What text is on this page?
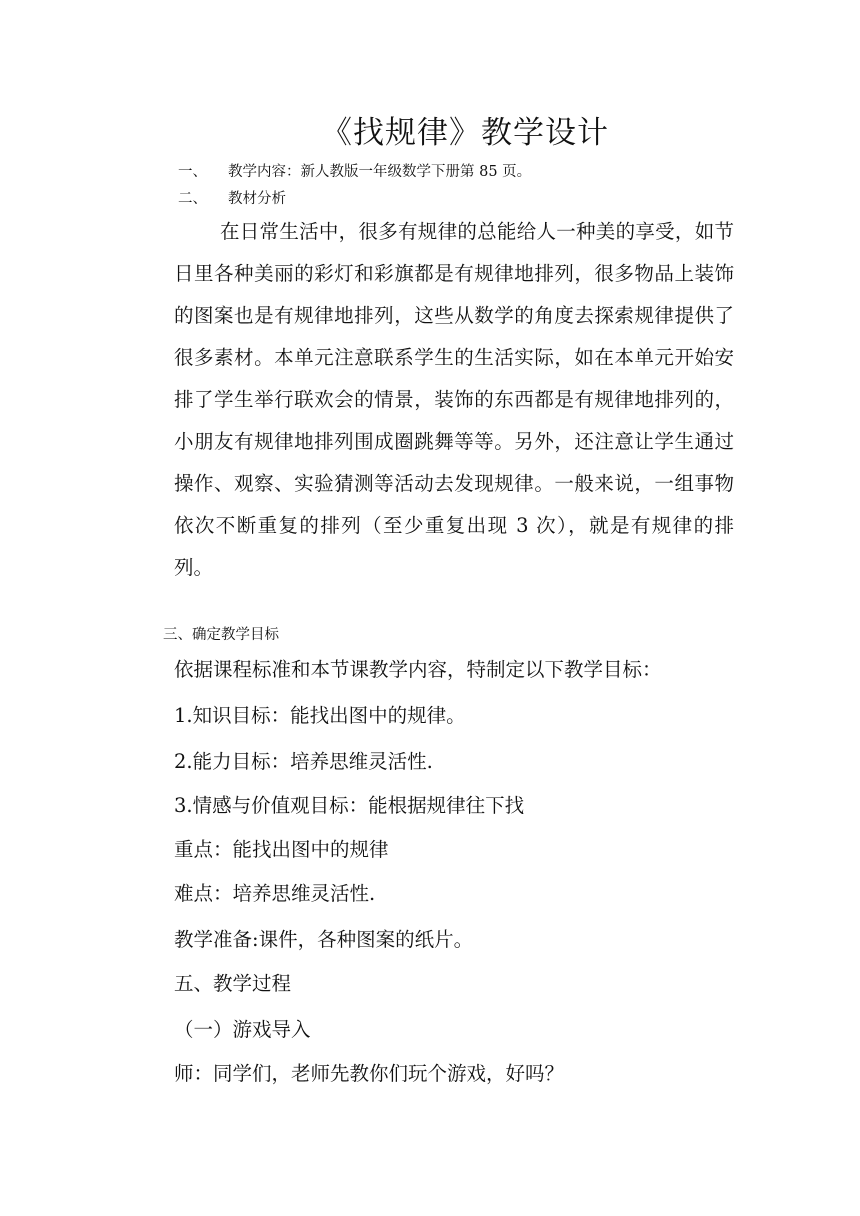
《找规律》教学设计
一、 教学内容：新人教版一年级数学下册第 85 页。
二、 教材分析
在日常生活中，很多有规律的总能给人一种美的享受，如节日里各种美丽的彩灯和彩旗都是有规律地排列，很多物品上装饰的图案也是有规律地排列，这些从数学的角度去探索规律提供了很多素材。本单元注意联系学生的生活实际，如在本单元开始安排了学生举行联欢会的情景，装饰的东西都是有规律地排列的，小朋友有规律地排列围成圈跳舞等等。另外，还注意让学生通过操作、观察、实验猜测等活动去发现规律。一般来说，一组事物依次不断重复的排列（至少重复出现 3 次），就是有规律的排列。
三、确定教学目标
依据课程标准和本节课教学内容，特制定以下教学目标：
1.知识目标：能找出图中的规律。
2.能力目标：培养思维灵活性.
3.情感与价值观目标：能根据规律往下找
重点：能找出图中的规律
难点：培养思维灵活性.
教学准备:课件，各种图案的纸片。
五、教学过程
（一）游戏导入
师：同学们，老师先教你们玩个游戏，好吗？
